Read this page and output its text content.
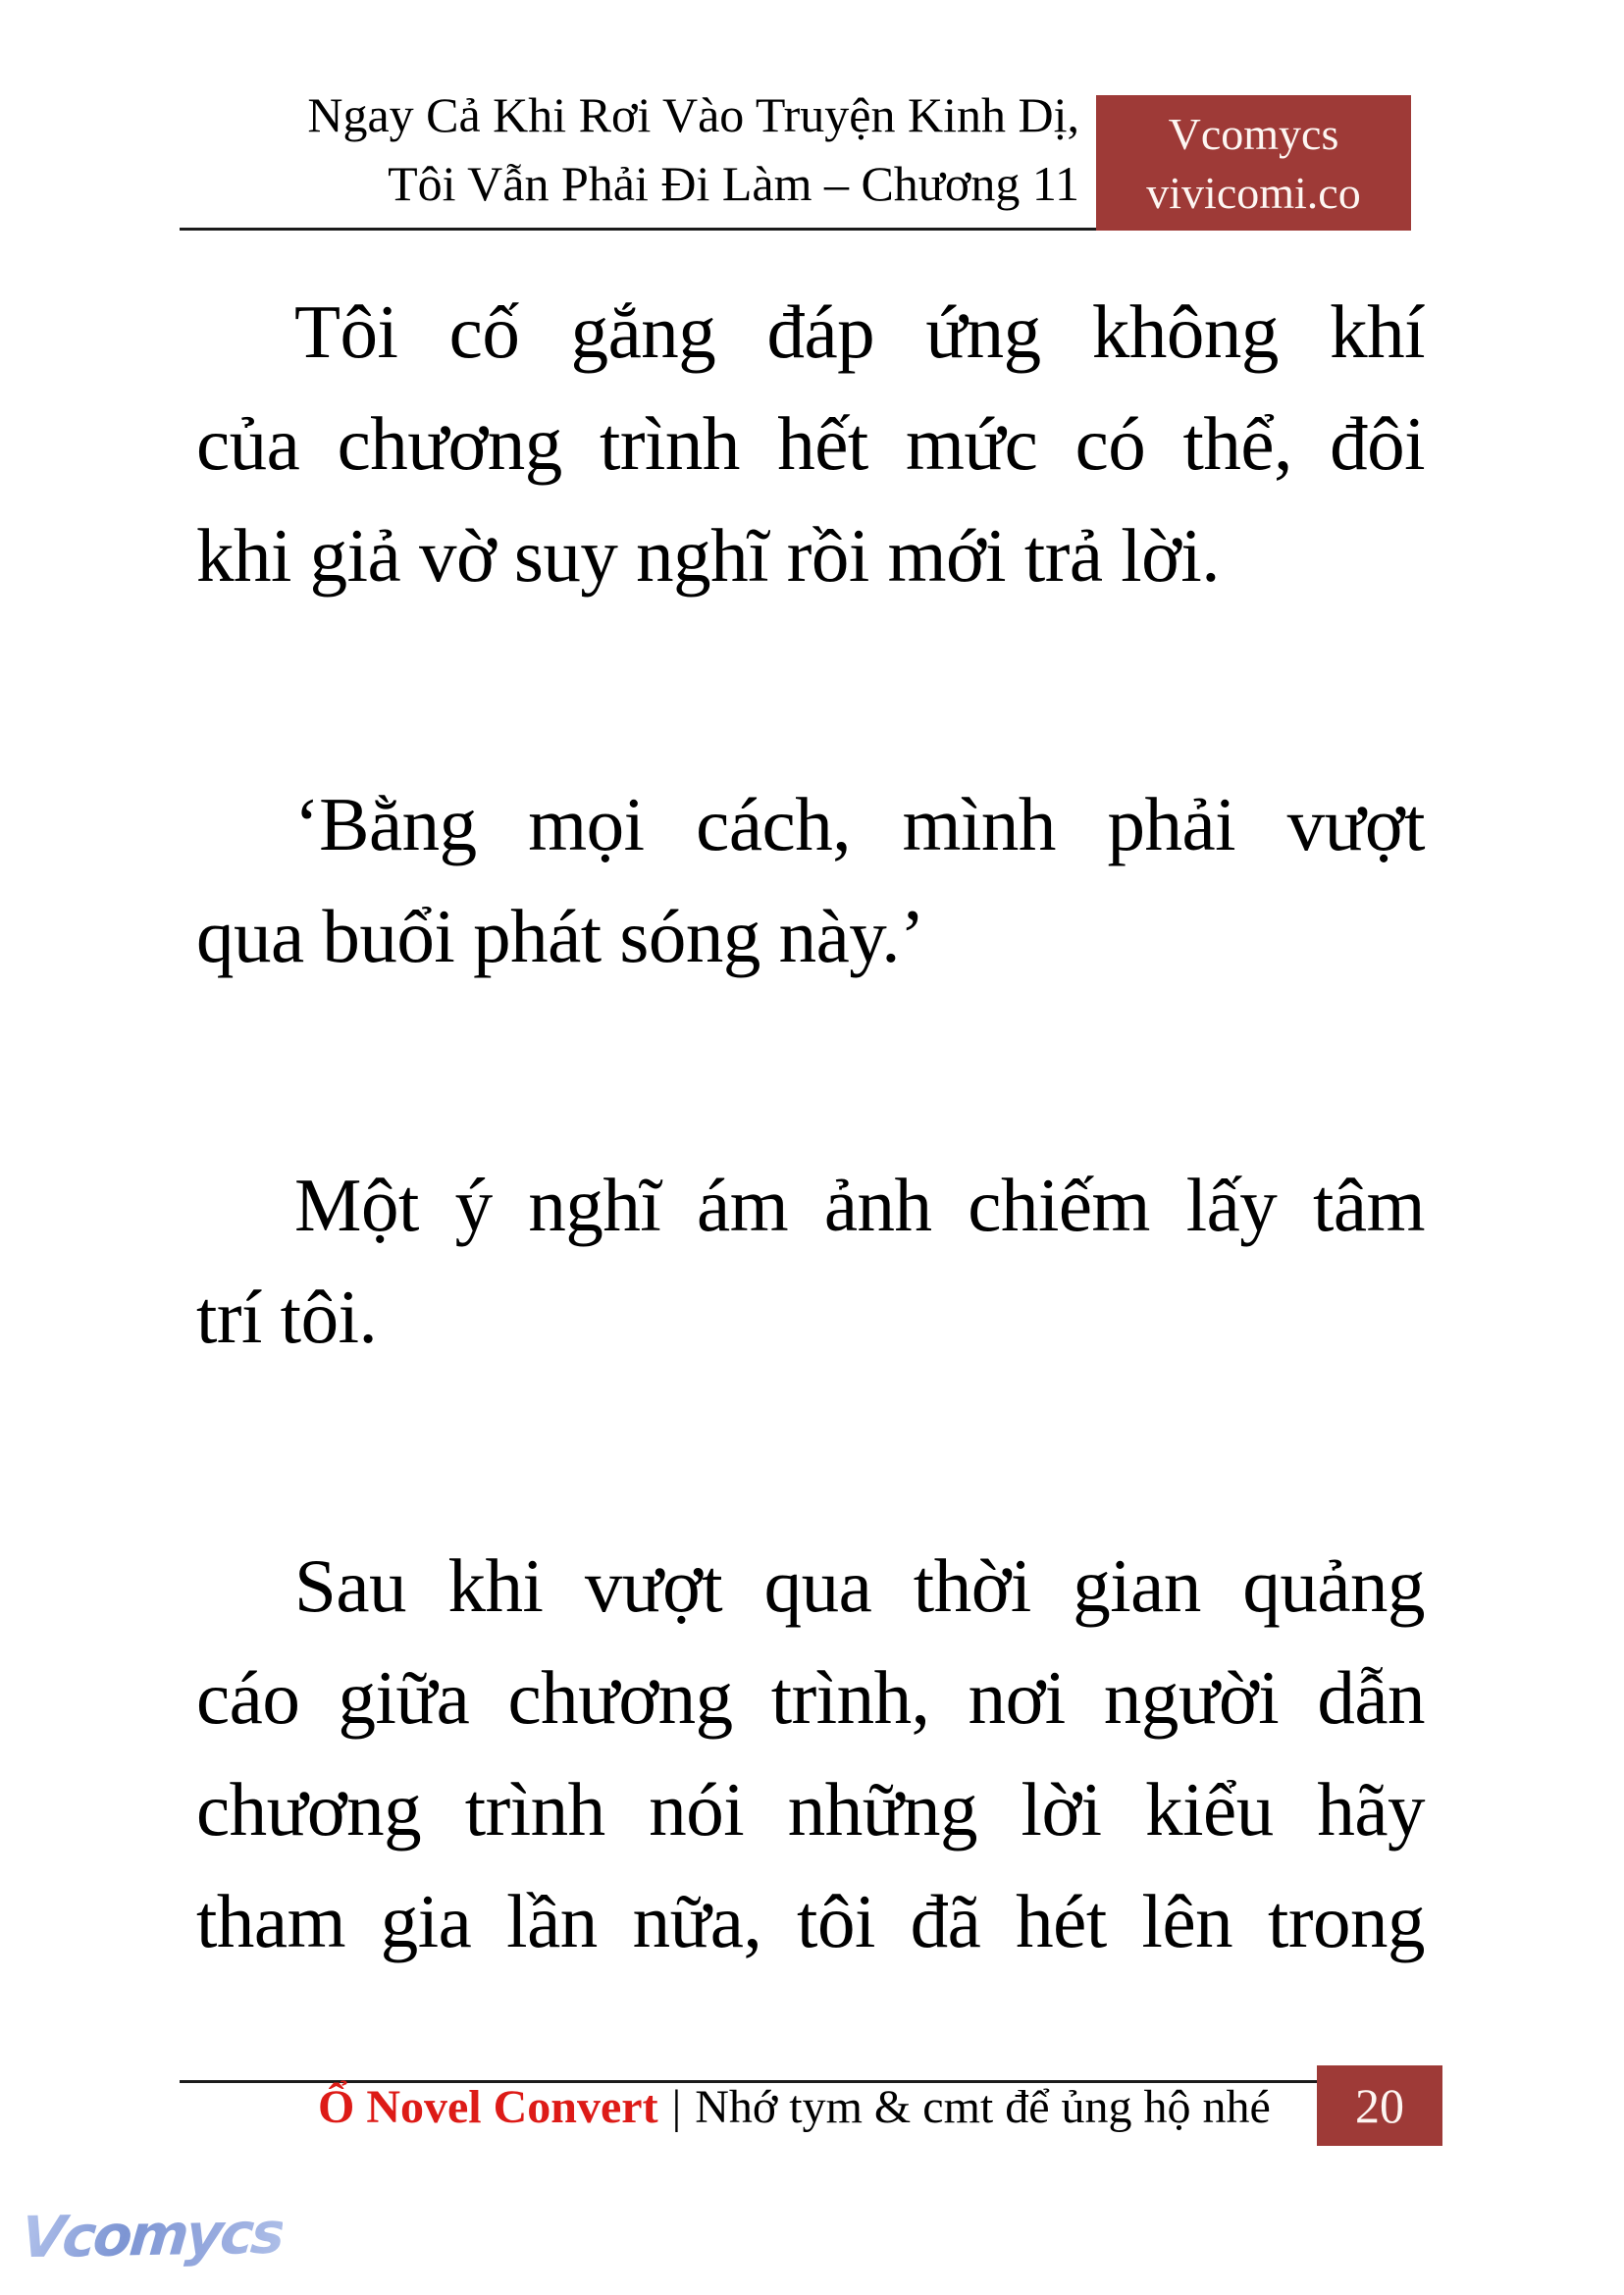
Ngay Cả Khi Rơi Vào Truyện Kinh Dị,
Tôi Vẫn Phải Đi Làm – Chương 11
Vcomycs
vivicomi.co
Tôi cố gắng đáp ứng không khí
của chương trình hết mức có thể, đôi
khi giả vờ suy nghĩ rồi mới trả lời.
‘Bằng mọi cách, mình phải vượt
qua buổi phát sóng này.’
Một ý nghĩ ám ảnh chiếm lấy tâm
trí tôi.
Sau khi vượt qua thời gian quảng
cáo giữa chương trình, nơi người dẫn
chương trình nói những lời kiểu hãy
tham gia lần nữa, tôi đã hét lên trong
Ổ Novel Convert | Nhớ tym & cmt để ủng hộ nhé	20
Vcomycs
